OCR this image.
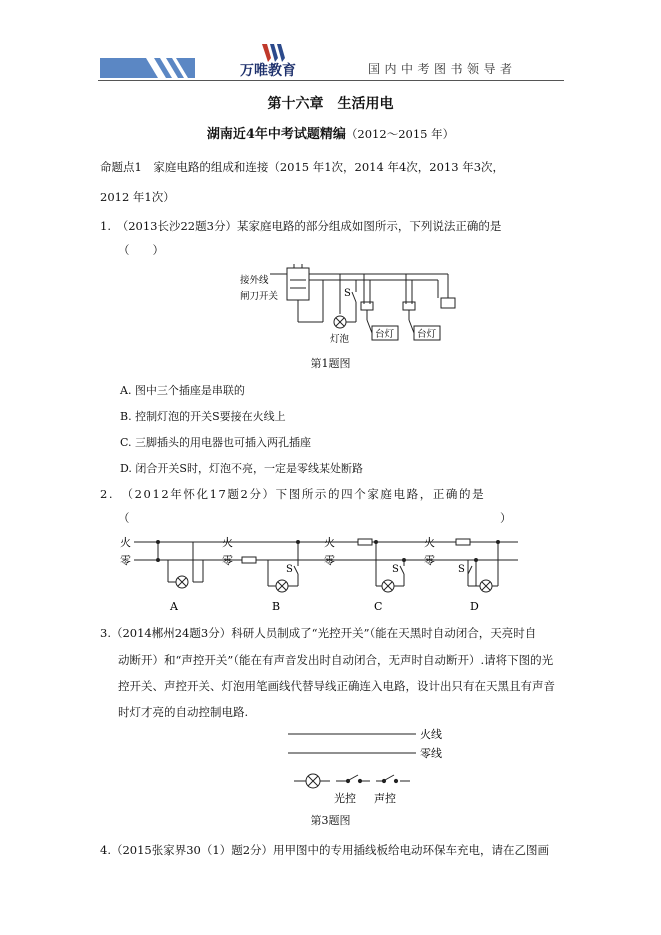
万唯教育	国内中考图书领导者
第十六章　生活用电
湖南近4年中考试题精编（2012～2015 年）
命题点1　家庭电路的组成和连接（2015 年1次，2014 年4次，2013 年3次，
2012 年1次）
1.　（2013长沙22题3分）某家庭电路的部分组成如图所示，下列说法正确的是
（　　）
接外线
闸刀开关	S
灯泡	台灯 台灯
第1题图
A. 图中三个插座是串联的
B. 控制灯泡的开关S要接在火线上
C. 三脚插头的用电器也可插入两孔插座
D. 闭合开关S时，灯泡不亮，一定是零线某处断路
2.　（2012年怀化17题2分）下图所示的四个家庭电路，正确的是
（	）
火
零
火
零
火
零
火
零
S	S	S
A	B	C	D
3.（2014郴州24题3分）科研人员制成了“光控开关”（能在天黑时自动闭合，天亮时自
动断开）和“声控开关”（能在有声音发出时自动闭合，无声时自动断开）.请将下图的光
控开关、声控开关、灯泡用笔画线代替导线正确连入电路，设计出只有在天黑且有声音
时灯才亮的自动控制电路.
火线
零线
光控 声控
第3题图
4.（2015张家界30（1）题2分）用甲图中的专用插线板给电动环保车充电，请在乙图画
